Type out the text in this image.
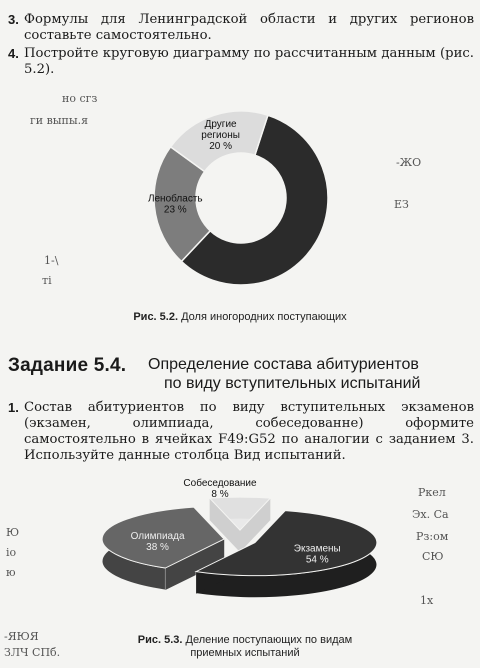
3. Формулы для Ленинградской области и других регионов составьте самостоятельно.
4. Постройте круговую диаграмму по рассчитанным данным (рис. 5.2).
Ленобласть 23 %
Другие регионы 20 %
но сгз
ги выпы.я
-ЖО
ЕЗ
1-\
ті
Рис. 5.2. Доля иногородних поступающих
Задание 5.4. Определение состава абитуриентов
по виду вступительных испытаний
1. Состав абитуриентов по виду вступительных экзаменов (экзамен, олимпиада, собеседованне) оформите самостоятельно в ячейках F49:G52 по аналогии с заданием 3. Используйте данные столбца Вид испытаний.
Экзамены 54 %
Олимпиада 38 %
Собеседование 8 %	Ркел
Эх. Са
Рз:ом
СЮ
1х
Ю
іо
ю
-ЯЮЯ
ЗЛЧ СПб.
Рис. 5.3. Деление поступающих по видам
приемных испытаний
